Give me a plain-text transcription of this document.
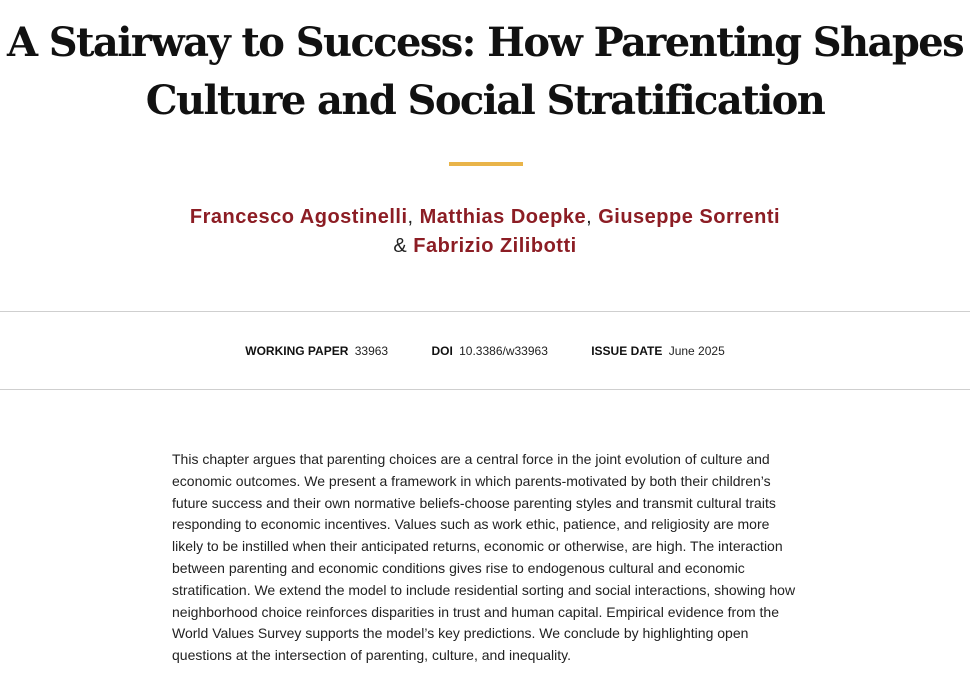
A Stairway to Success: How Parenting Shapes
Culture and Social Stratification
Francesco Agostinelli, Matthias Doepke, Giuseppe Sorrenti
& Fabrizio Zilibotti
WORKING PAPER 33963	DOI 10.3386/w33963	ISSUE DATE June 2025

This chapter argues that parenting choices are a central force in the joint evolution of culture and economic outcomes. We present a framework in which parents-motivated by both their children’s future success and their own normative beliefs-choose parenting styles and transmit cultural traits responding to economic incentives. Values such as work ethic, patience, and religiosity are more likely to be instilled when their anticipated returns, economic or otherwise, are high. The interaction between parenting and economic conditions gives rise to endogenous cultural and economic stratification. We extend the model to include residential sorting and social interactions, showing how neighborhood choice reinforces disparities in trust and human capital. Empirical evidence from the World Values Survey supports the model’s key predictions. We conclude by highlighting open questions at the intersection of parenting, culture, and inequality.
